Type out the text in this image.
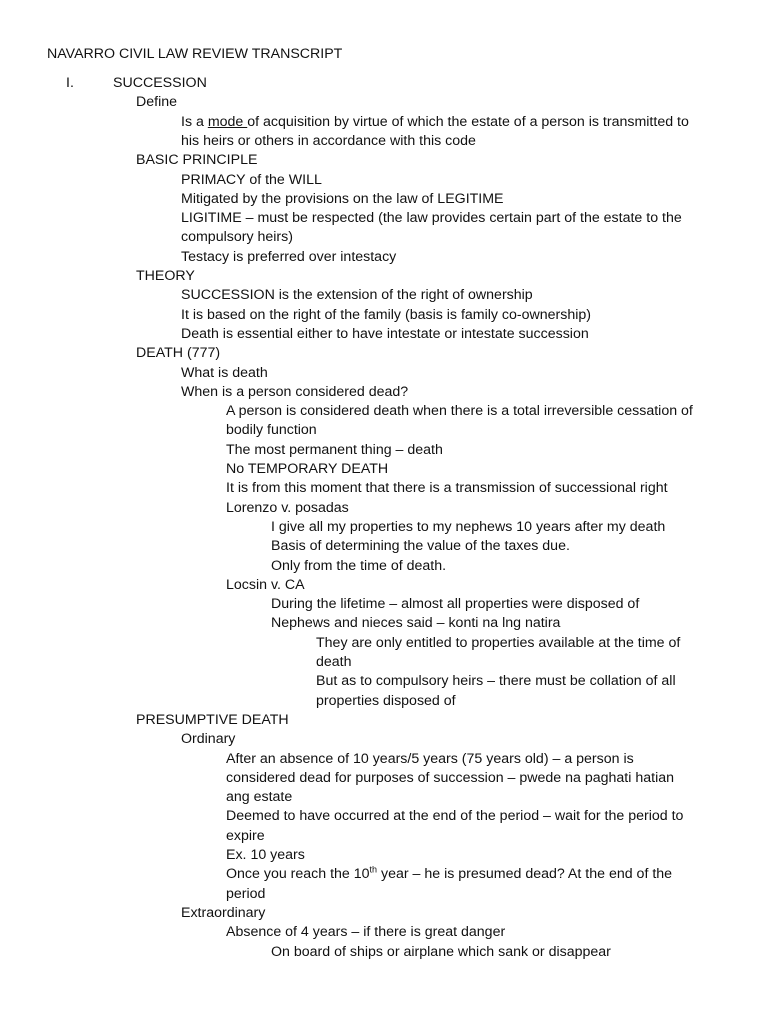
NAVARRO CIVIL LAW REVIEW TRANSCRIPT
I.	SUCCESSION
Define
Is a mode of acquisition by virtue of which the estate of a person is transmitted to
his heirs or others in accordance with this code
BASIC PRINCIPLE
PRIMACY of the WILL
Mitigated by the provisions on the law of LEGITIME
LIGITIME – must be respected (the law provides certain part of the estate to the
compulsory heirs)
Testacy is preferred over intestacy
THEORY
SUCCESSION is the extension of the right of ownership
It is based on the right of the family (basis is family co-ownership)
Death is essential either to have intestate or intestate succession
DEATH (777)
What is death
When is a person considered dead?
A person is considered death when there is a total irreversible cessation of
bodily function
The most permanent thing – death
No TEMPORARY DEATH
It is from this moment that there is a transmission of successional right
Lorenzo v. posadas
I give all my properties to my nephews 10 years after my death
Basis of determining the value of the taxes due.
Only from the time of death.
Locsin v. CA
During the lifetime – almost all properties were disposed of
Nephews and nieces said – konti na lng natira
They are only entitled to properties available at the time of
death
But as to compulsory heirs – there must be collation of all
properties disposed of
PRESUMPTIVE DEATH
Ordinary
After an absence of 10 years/5 years (75 years old) – a person is
considered dead for purposes of succession – pwede na paghati hatian
ang estate
Deemed to have occurred at the end of the period – wait for the period to
expire
Ex. 10 years
Once you reach the 10th year – he is presumed dead? At the end of the
period
Extraordinary
Absence of 4 years – if there is great danger
On board of ships or airplane which sank or disappear
